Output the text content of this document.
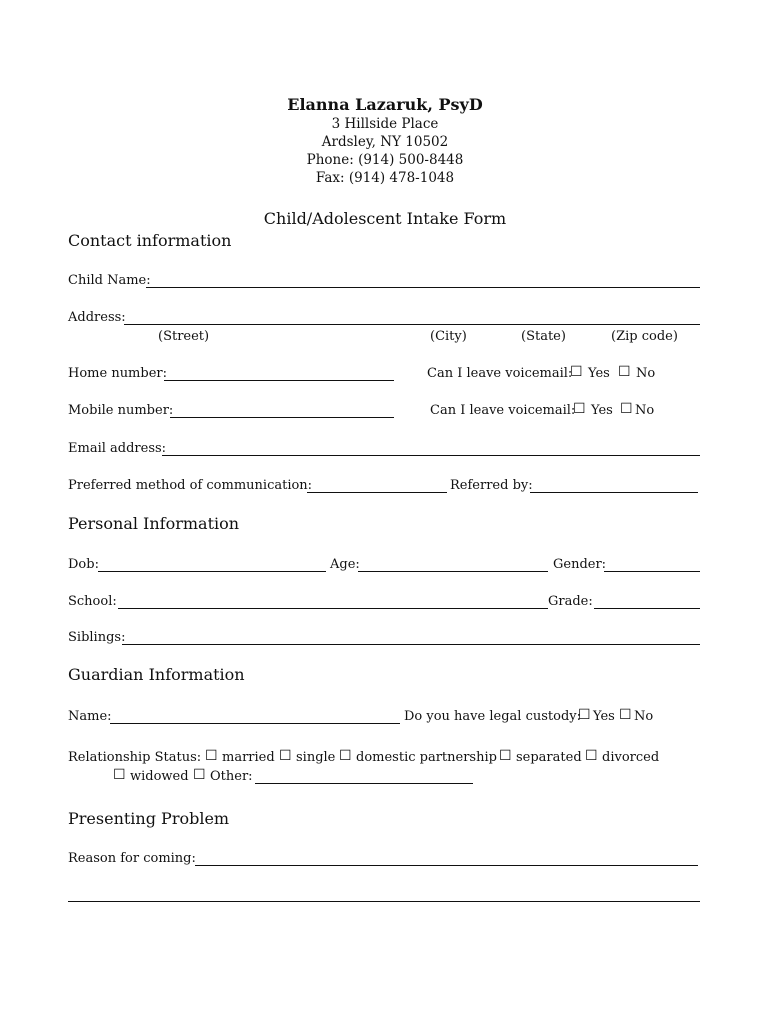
Elanna Lazaruk, PsyD
3 Hillside Place
Ardsley, NY 10502
Phone: (914) 500-8448
Fax: (914) 478-1048
Child/Adolescent Intake Form
Contact information
Child Name:
Address:
(Street)	(City)	(State)	(Zip code)
Home number:	Can I leave voicemail:
☐ Yes ☐ No
Mobile number:	Can I leave voicemail:
☐ Yes ☐ No
Email address:
Preferred method of communication:	Referred by:
Personal Information
Dob:	Age:	Gender:
School:	Grade:
Siblings:
Guardian Information
Name:	Do you have legal custody:
☐ Yes ☐ No
Relationship Status: ☐ married ☐ single ☐ domestic partnership ☐ separated ☐ divorced
☐ widowed ☐ Other:
Presenting Problem
Reason for coming:
